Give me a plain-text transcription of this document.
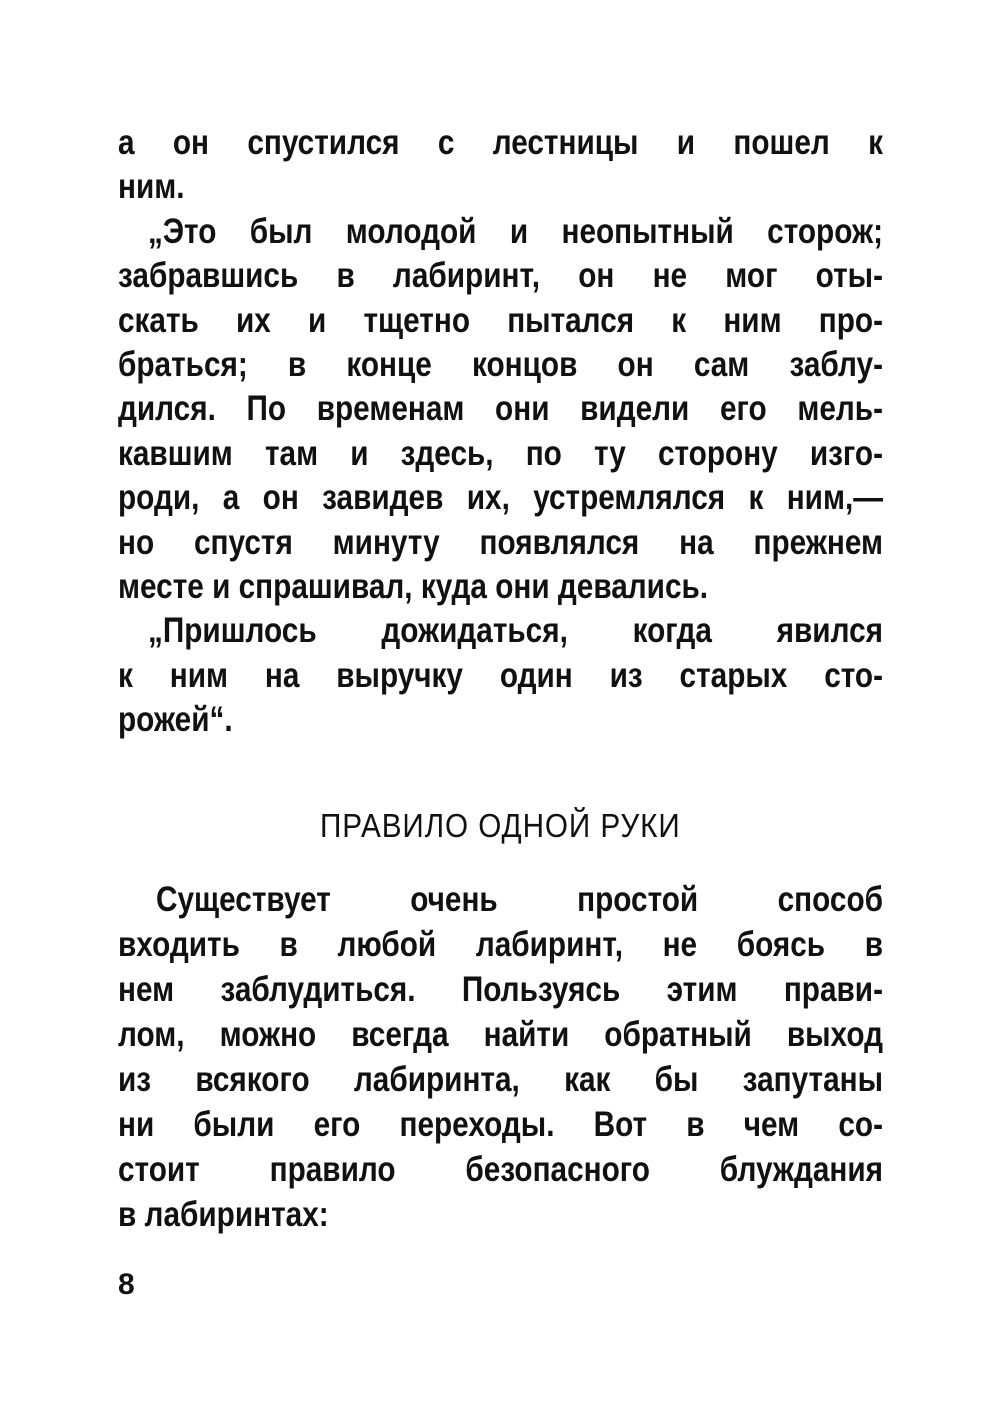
а он спустился с лестницы и пошел к
ним.
„Это был молодой и неопытный сторож;
забравшись в лабиринт, он не мог оты-
скать их и тщетно пытался к ним про-
браться; в конце концов он сам заблу-
дился. По временам они видели его мель-
кавшим там и здесь, по ту сторону изго-
роди, а он завидев их, устремлялся к ним,—
но спустя минуту появлялся на прежнем
месте и спрашивал, куда они девались.
„Пришлось дожидаться, когда явился
к ним на выручку один из старых сто-
рожей“.
ПРАВИЛО ОДНОЙ РУКИ
Существует очень простой способ
входить в любой лабиринт, не боясь в
нем заблудиться. Пользуясь этим прави-
лом, можно всегда найти обратный выход
из всякого лабиринта, как бы запутаны
ни были его переходы. Вот в чем со-
стоит правило безопасного блуждания
в лабиринтах:
8
